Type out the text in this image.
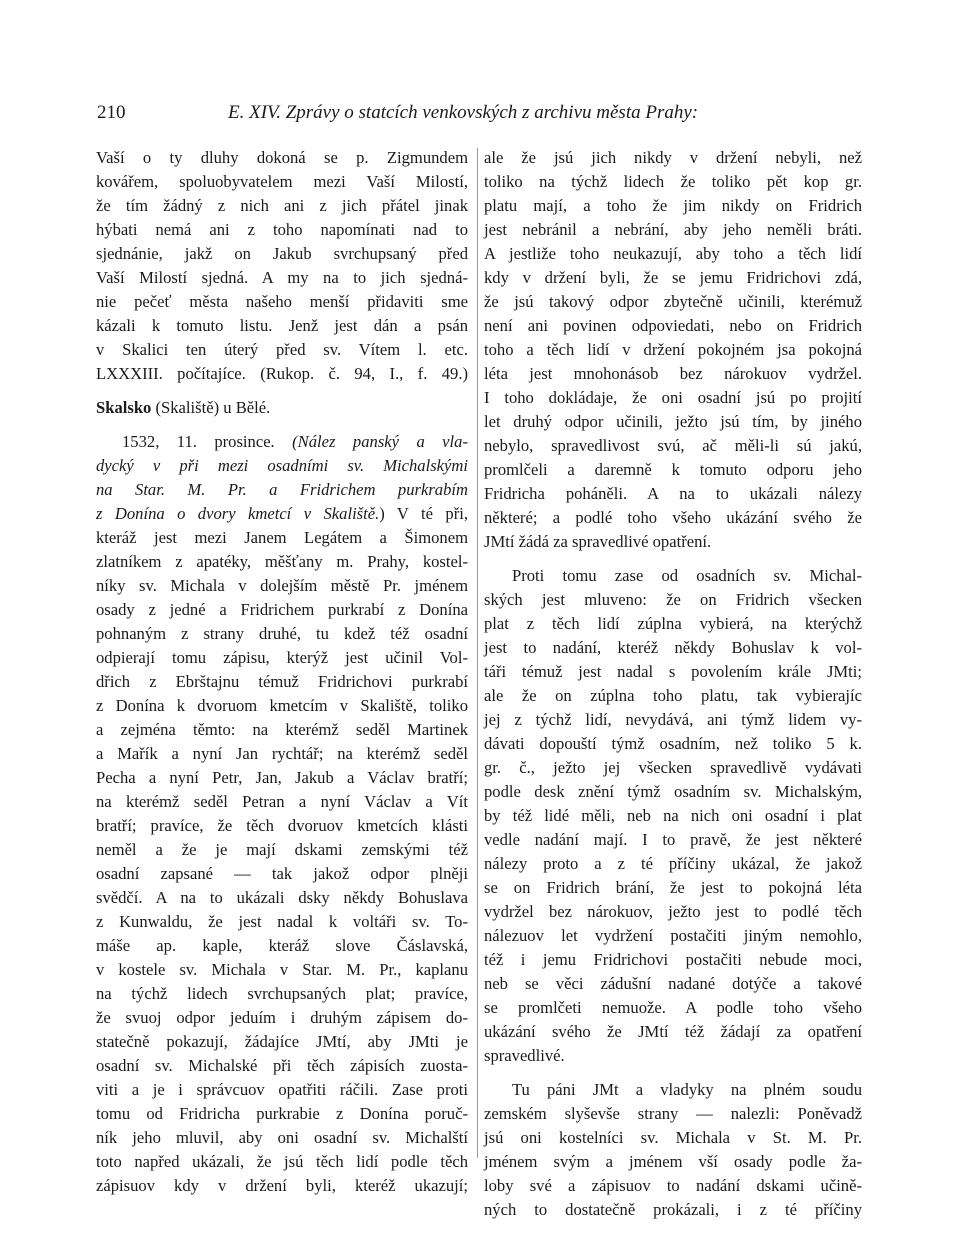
210	E. XIV. Zprávy o statcích venkovských z archivu města Prahy:
Vaší o ty dluhy dokoná se p. Zigmundem
kovářem, spoluobyvatelem mezi Vaší Milostí,
že tím žádný z nich ani z jich přátel jinak
hýbati nemá ani z toho napomínati nad to
sjednánie, jakž on Jakub svrchupsaný před
Vaší Milostí sjedná. A my na to jich sjedná-
nie pečeť města našeho menší přidaviti sme
kázali k tomuto listu. Jenž jest dán a psán
v Skalici ten úterý před sv. Vítem l. etc.
LXXXIII. počítajíce. (Rukop. č. 94, I., f. 49.)
Skalsko (Skaliště) u Bělé.
1532, 11. prosince. (Nález panský a vla-
dycký v při mezi osadními sv. Michalskými
na Star. M. Pr. a Fridrichem purkrabím
z Donína o dvory kmetcí v Skaliště.) V té při,
kteráž jest mezi Janem Legátem a Šimonem
zlatníkem z apatéky, měšťany m. Prahy, kostel-
níky sv. Michala v dolejším městě Pr. jménem
osady z jedné a Fridrichem purkrabí z Donína
pohnaným z strany druhé, tu kdež též osadní
odpierají tomu zápisu, kterýž jest učinil Vol-
dřich z Ebrštajnu témuž Fridrichovi purkrabí
z Donína k dvoruom kmetcím v Skaliště, toliko
a zejména těmto: na kterémž seděl Martinek
a Mařík a nyní Jan rychtář; na kterémž seděl
Pecha a nyní Petr, Jan, Jakub a Václav bratří;
na kterémž seděl Petran a nyní Václav a Vít
bratří; pravíce, že těch dvoruov kmetcích klásti
neměl a že je mají dskami zemskými též
osadní zapsané — tak jakož odpor plněji
svědčí. A na to ukázali dsky někdy Bohuslava
z Kunwaldu, že jest nadal k voltáři sv. To-
máše ap. kaple, kteráž slove Čáslavská,
v kostele sv. Michala v Star. M. Pr., kaplanu
na týchž lidech svrchupsaných plat; pravíce,
že svuoj odpor jeduím i druhým zápisem do-
statečně pokazují, žádajíce JMtí, aby JMti je
osadní sv. Michalské při těch zápisích zuosta-
viti a je i správcuov opatřiti ráčili. Zase proti
tomu od Fridricha purkrabie z Donína poruč-
ník jeho mluvil, aby oni osadní sv. Michalští
toto napřed ukázali, že jsú těch lidí podle těch
zápisuov kdy v držení byli, kteréž ukazují;
ale že jsú jich nikdy v držení nebyli, než
toliko na týchž lidech že toliko pět kop gr.
platu mají, a toho že jim nikdy on Fridrich
jest nebránil a nebrání, aby jeho neměli bráti.
A jestliže toho neukazují, aby toho a těch lidí
kdy v držení byli, že se jemu Fridrichovi zdá,
že jsú takový odpor zbytečně učinili, kterémuž
není ani povinen odpoviedati, nebo on Fridrich
toho a těch lidí v držení pokojném jsa pokojná
léta jest mnohonásob bez nárokuov vydržel.
I toho dokládaje, že oni osadní jsú po projití
let druhý odpor učinili, ježto jsú tím, by jiného
nebylo, spravedlivost svú, ač měli-li sú jakú,
promlčeli a daremně k tomuto odporu jeho
Fridricha poháněli. A na to ukázali nálezy
některé; a podlé toho všeho ukázání svého že
JMtí žádá za spravedlivé opatření.
Proti tomu zase od osadních sv. Michal-
ských jest mluveno: že on Fridrich všecken
plat z těch lidí zúplna vybierá, na kterýchž
jest to nadání, kteréž někdy Bohuslav k vol-
táři témuž jest nadal s povolením krále JMti;
ale že on zúplna toho platu, tak vybierajíc
jej z týchž lidí, nevydává, ani týmž lidem vy-
dávati dopouští týmž osadním, než toliko 5 k.
gr. č., ježto jej všecken spravedlivě vydávati
podle desk znění týmž osadním sv. Michalským,
by též lidé měli, neb na nich oni osadní i plat
vedle nadání mají. I to pravě, že jest některé
nálezy proto a z té příčiny ukázal, že jakož
se on Fridrich brání, že jest to pokojná léta
vydržel bez nárokuov, ježto jest to podlé těch
nálezuov let vydržení postačiti jiným nemohlo,
též i jemu Fridrichovi postačiti nebude moci,
neb se věci zádušní nadané dotýče a takové
se promlčeti nemuože. A podle toho všeho
ukázání svého že JMtí též žádají za opatření
spravedlivé.
Tu páni JMt a vladyky na plném soudu
zemském slyševše strany — nalezli: Poněvadž
jsú oni kostelníci sv. Michala v St. M. Pr.
jménem svým a jménem vší osady podle ža-
loby své a zápisuov to nadání dskami učině-
ných to dostatečně prokázali, i z té příčiny
